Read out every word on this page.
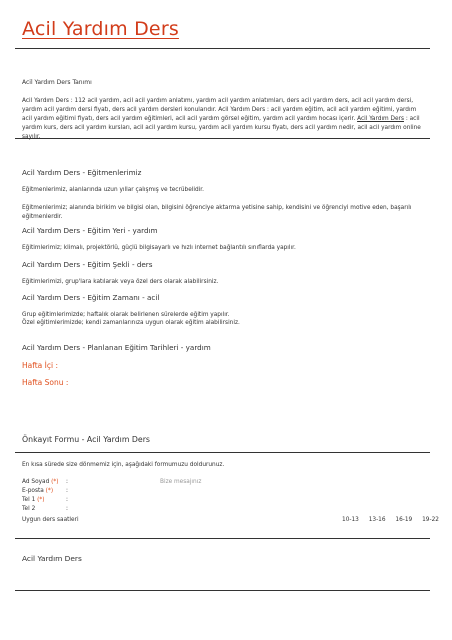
Acil Yardım Ders
Acil Yardım Ders Tanımı
Acil Yardım Ders : 112 acil yardım, acil acil yardım anlatımı, yardım acil yardım anlatımları, ders acil yardım ders, acil acil yardım dersi, yardım acil yardım dersi fiyatı, ders acil yardım dersleri konularıdır. Acil Yardım Ders : acil yardım eğitim, acil acil yardım eğitimi, yardım acil yardım eğitimi fiyatı, ders acil yardım eğitimleri, acil acil yardım görsel eğitim, yardım acil yardım hocası içerir. Acil Yardım Ders : acil yardım kurs, ders acil yardım kursları, acil acil yardım kursu, yardım acil yardım kursu fiyatı, ders acil yardım nedir, acil acil yardım online sayılır.
Acil Yardım Ders - Eğitmenlerimiz
Eğitmenlerimiz, alanlarında uzun yıllar çalışmış ve tecrübelidir.
Eğitmenlerimiz; alanında birikim ve bilgisi olan, bilgisini öğrenciye aktarma yetisine sahip, kendisini ve öğrenciyi motive eden, başarılı eğitmenlerdir.
Acil Yardım Ders - Eğitim Yeri - yardım
Eğitimlerimiz; klimalı, projektörlü, güçlü bilgisayarlı ve hızlı internet bağlantılı sınıflarda yapılır.
Acil Yardım Ders - Eğitim Şekli - ders
Eğitimlerimizi, grup'lara katılarak veya özel ders olarak alabilirsiniz.
Acil Yardım Ders - Eğitim Zamanı - acil
Grup eğitimlerimizde; haftalık olarak belirlenen sürelerde eğitim yapılır.
Özel eğitimlerimizde; kendi zamanlarınıza uygun olarak eğitim alabilirsiniz.
Acil Yardım Ders - Planlanan Eğitim Tarihleri - yardım
Hafta İçi :
Hafta Sonu :
Önkayıt Formu - Acil Yardım Ders
En kısa sürede size dönmemiz için, aşağıdaki formumuzu doldurunuz.
Ad Soyad (*) :	Bize mesajınız
E-posta (*) :
Tel 1 (*)	:
Tel 2	:
Uygun ders saatleri	10-13 13-16 16-19 19-22
Acil Yardım Ders
